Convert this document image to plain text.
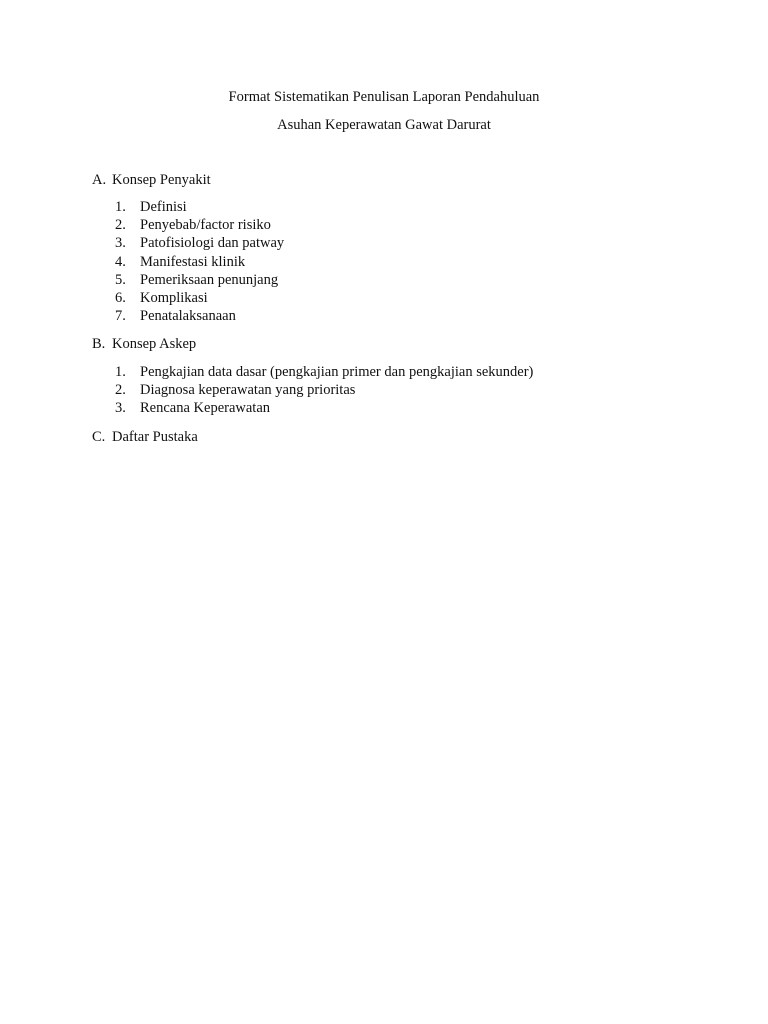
Format Sistematikan Penulisan Laporan Pendahuluan
Asuhan Keperawatan Gawat Darurat
A. Konsep Penyakit
1. Definisi
2. Penyebab/factor risiko
3. Patofisiologi dan patway
4. Manifestasi klinik
5. Pemeriksaan penunjang
6. Komplikasi
7. Penatalaksanaan
B. Konsep Askep
1. Pengkajian data dasar (pengkajian primer dan pengkajian sekunder)
2. Diagnosa keperawatan yang prioritas
3. Rencana Keperawatan
C. Daftar Pustaka
